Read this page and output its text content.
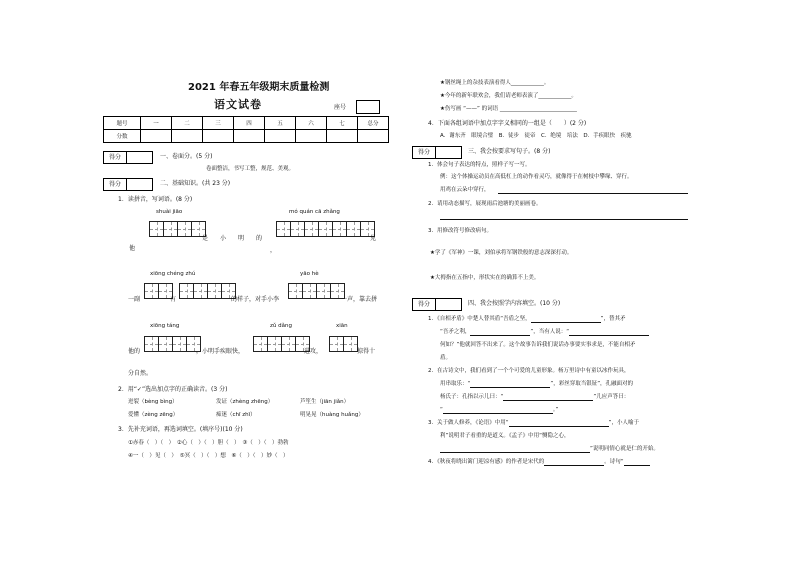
2021 年春五年级期末质量检测
语文试卷	座号
题号	一	二	三	四	五	六	七	总分
分数								
得分	一、卷面分。(5 分)
卷面整洁，书写工整，规范、美观。
得分	二、基础知识。(共 23 分)
1．读拼音，写词语。(8 分)
shuài jiāo	mó quán cā zhǎng
他
是　　小　　明　　的	见
，
xiōng chéng zhú	yāo hè
一副	有	的样子，对手小李	一声，靠去拼
xiōng táng	zǔ dǎng	xiān
他的	，小明手疾眼快，	进攻，	掠得十
分自然。
2．用“✓”选出加点字的正确读音。(3 分)
迸裂（bèng bìng）	发证（zhèng zhēng）	芦笙生（jiān jiǎn）
爱懂（zèng zēng）	痴迷（chī zhī）	明晃晃（huàng huǎng）
3．先补充词语，再选词填空。(填序号)(10 分)
①赤春（　）（　）　②心（　）（　）胆（　）　③（　）（　）勃勃
④一（　）见（　）　⑤冥（　）（　）想　⑥（　）（　）妙（　）
★钢丝绳上的杂技表演看得人____________。
★今年的新年联欢会，我们请老师表演了____________。
★伤写画 “——” 的词语 ____________________________
4．下面各组词语中加点字字义相同的一组是（　　）(2 分)
A．谢东齐　眼境合璧　B．徒步　徒帝　C．绝境　培法　D．手疾眼快　疾驰
得分	三、我会按要求写句子。(8 分)
1．体会句子表达的特点，照样子写一写。
例：这个体操运动员在高低杠上的动作看灵巧，就像得于在树枝中攀缘、穿行。
用鸡在云朵中穿行，
2．请用动态描写，展现雨后池塘的美丽画卷。
3．用修改符号修改病句。
★学了《军神》一课，刘伯承将军钢铁般的意志深深打动。
★大拇指在五指中，形状实在的确算不上美。
得分	四、我会按照学内容填空。(10 分)
1．《自相矛盾》中楚人替其盾“吾盾之坚，	”，替其矛
“吾矛之利，	”，当有人说：“
何如？”他就回答不出来了。这个故事告诉我们说话办事要实事求是，不能自相矛
盾。
2．在古诗文中，我们看到了一个个可爱的儿童形象。杨万里诗中有童以冰作玩具，
用串取乐：“	”，彩丝穿取当银钲”，孔融面对的
杨氏子：孔指以示儿曰：“	”儿应声答曰：
“	。”
3．关于做人修养，《论语》中用“	”，小人喻于
利”说明君子看重的是道义。《孟子》中用“恻隐之心，
”说明同情心就是仁的开始。
4．《秋夜将晓出篱门迎凉有感》的作者是宋代的	。诗句“
